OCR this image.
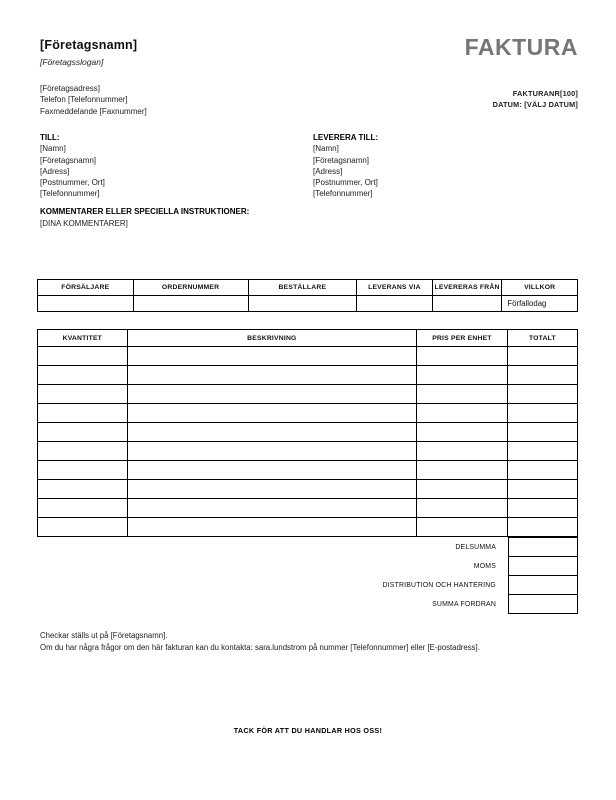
[Företagsnamn]
[Företagsslogan]
[Företagsadress]
Telefon [Telefonnummer]
Faxmeddelande [Faxnummer]
FAKTURA
FAKTURANR[100]
DATUM: [VÄLJ DATUM]
TILL:
[Namn]
[Företagsnamn]
[Adress]
[Postnummer, Ort]
[Telefonnummer]
LEVERERA TILL:
[Namn]
[Företagsnamn]
[Adress]
[Postnummer, Ort]
[Telefonnummer]
KOMMENTARER ELLER SPECIELLA INSTRUKTIONER:
[DINA KOMMENTARER]
FÖRSÄLJARE	ORDERNUMMER	BESTÄLLARE	LEVERANS VIA	LEVERERAS FRÅN	VILLKOR
					Förfallodag
KVANTITET	BESKRIVNING	PRIS PER ENHET	TOTALT

DELSUMMA
MOMS
DISTRIBUTION OCH HANTERING
SUMMA FORDRAN
Checkar ställs ut på [Företagsnamn].
Om du har några frågor om den här fakturan kan du kontakta: sara.lundstrom på nummer [Telefonnummer] eller [E-postadress].
TACK FÖR ATT DU HANDLAR HOS OSS!
